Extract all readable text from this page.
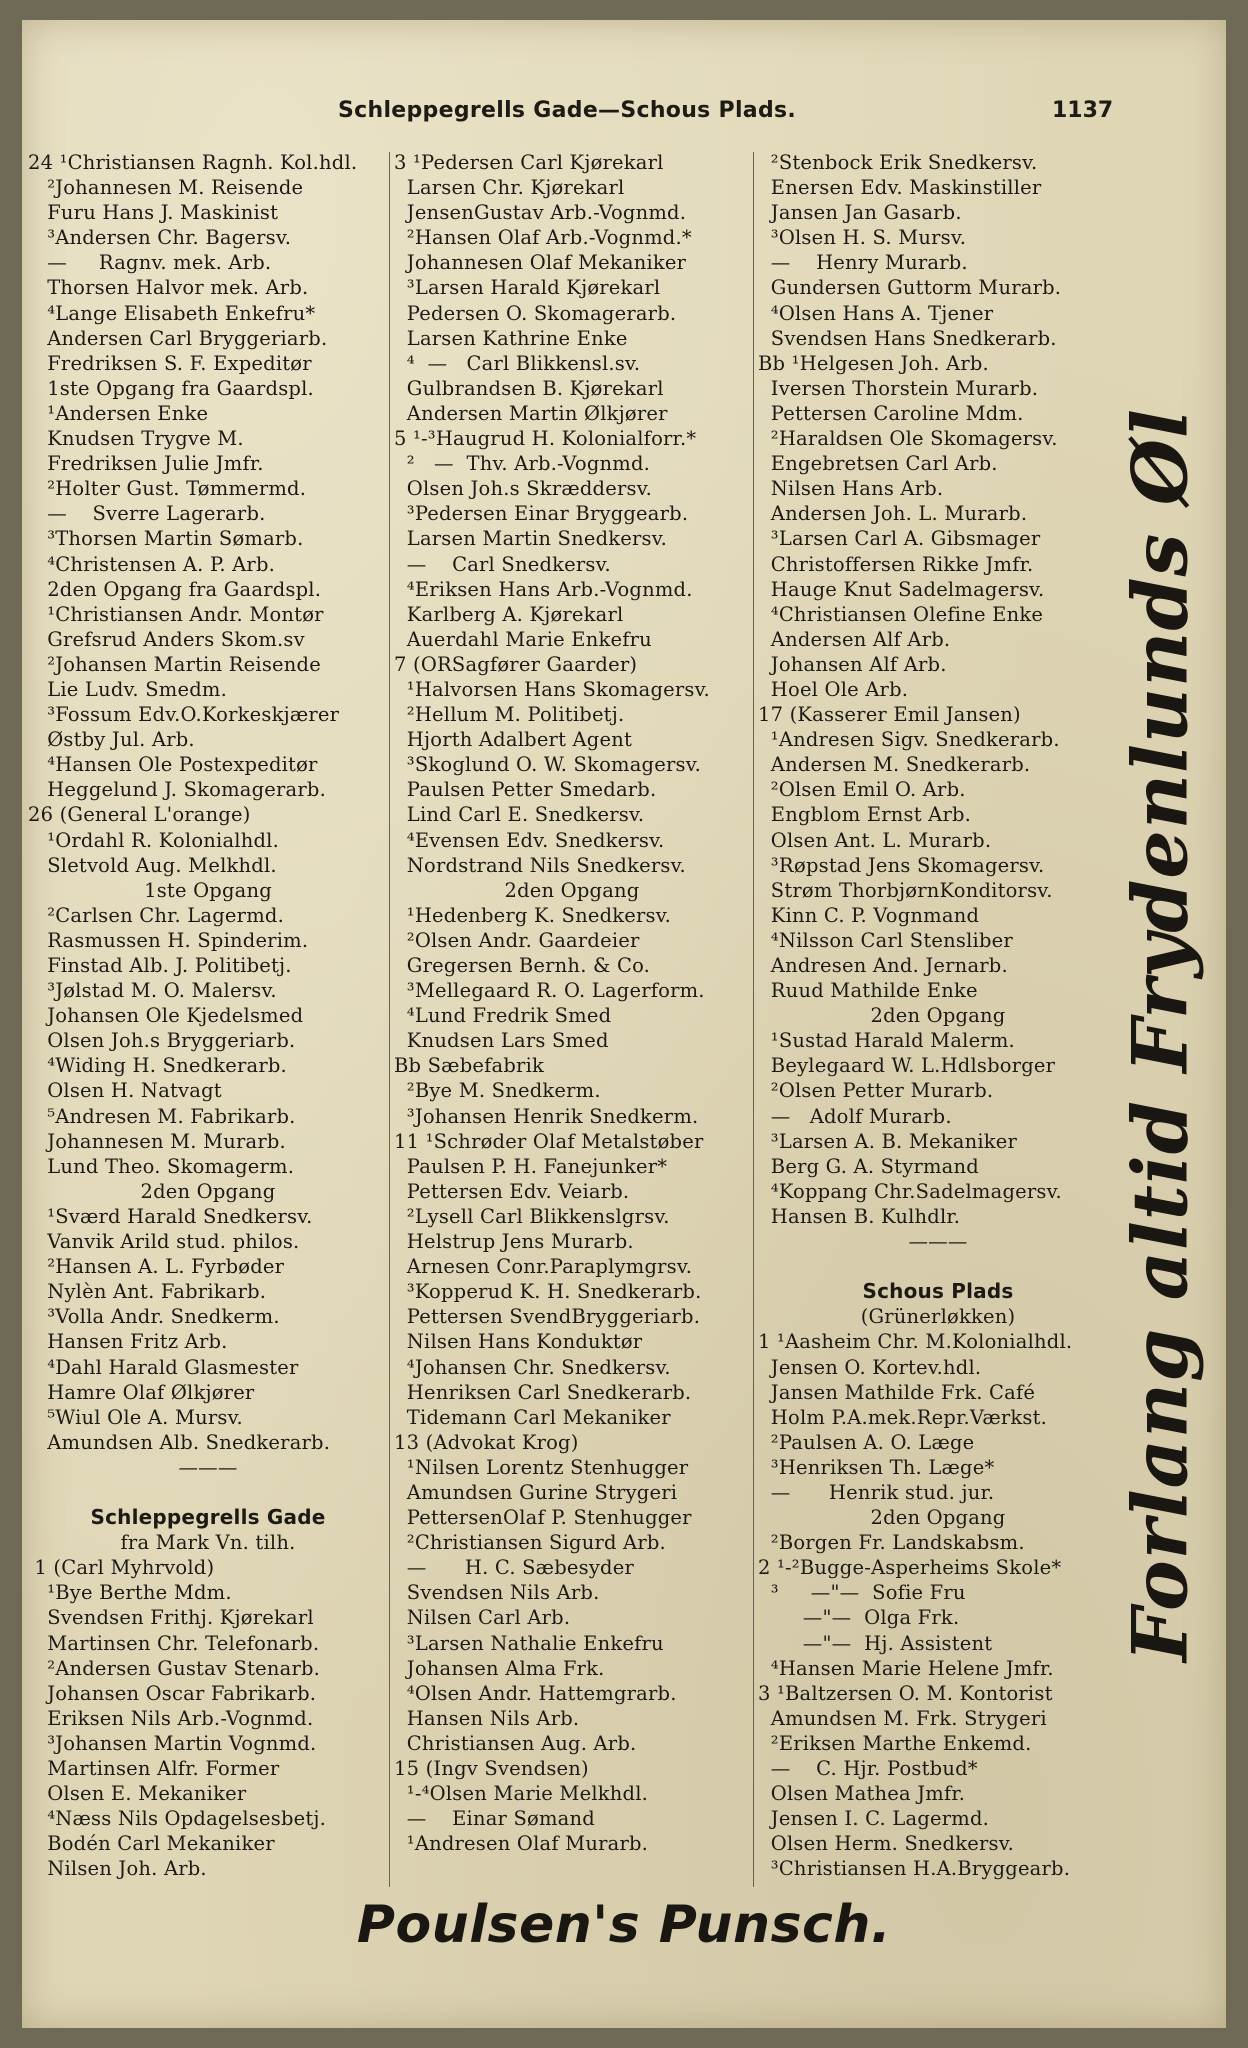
Schleppegrells Gade—Schous Plads.	1137
24 ¹Christiansen Ragnh. Kol.hdl.
²Johannesen M. Reisende
Furu Hans J. Maskinist
³Andersen Chr. Bagersv.
—     Ragnv. mek. Arb.
Thorsen Halvor mek. Arb.
⁴Lange Elisabeth Enkefru*
Andersen Carl Bryggeriarb.
Fredriksen S. F. Expeditør
1ste Opgang fra Gaardspl.
¹Andersen Enke
Knudsen Trygve M.
Fredriksen Julie Jmfr.
²Holter Gust. Tømmermd.
—    Sverre Lagerarb.
³Thorsen Martin Sømarb.
⁴Christensen A. P. Arb.
2den Opgang fra Gaardspl.
¹Christiansen Andr. Montør
Grefsrud Anders Skom.sv
²Johansen Martin Reisende
Lie Ludv. Smedm.
³Fossum Edv.O.Korkeskjærer
Østby Jul. Arb.
⁴Hansen Ole Postexpeditør
Heggelund J. Skomagerarb.
26 (General L'orange)
¹Ordahl R. Kolonialhdl.
Sletvold Aug. Melkhdl.
1ste Opgang
²Carlsen Chr. Lagermd.
Rasmussen H. Spinderim.
Finstad Alb. J. Politibetj.
³Jølstad M. O. Malersv.
Johansen Ole Kjedelsmed
Olsen Joh.s Bryggeriarb.
⁴Widing H. Snedkerarb.
Olsen H. Natvagt
⁵Andresen M. Fabrikarb.
Johannesen M. Murarb.
Lund Theo. Skomagerm.
2den Opgang
¹Sværd Harald Snedkersv.
Vanvik Arild stud. philos.
²Hansen A. L. Fyrbøder
Nylèn Ant. Fabrikarb.
³Volla Andr. Snedkerm.
Hansen Fritz Arb.
⁴Dahl Harald Glasmester
Hamre Olaf Ølkjører
⁵Wiul Ole A. Mursv.
Amundsen Alb. Snedkerarb.
———
Schleppegrells Gade
fra Mark Vn. tilh.
1 (Carl Myhrvold)
¹Bye Berthe Mdm.
Svendsen Frithj. Kjørekarl
Martinsen Chr. Telefonarb.
²Andersen Gustav Stenarb.
Johansen Oscar Fabrikarb.
Eriksen Nils Arb.-Vognmd.
³Johansen Martin Vognmd.
Martinsen Alfr. Former
Olsen E. Mekaniker
⁴Næss Nils Opdagelsesbetj.
Bodén Carl Mekaniker
Nilsen Joh. Arb.
3 ¹Pedersen Carl Kjørekarl
Larsen Chr. Kjørekarl
JensenGustav Arb.-Vognmd.
²Hansen Olaf Arb.-Vognmd.*
Johannesen Olaf Mekaniker
³Larsen Harald Kjørekarl
Pedersen O. Skomagerarb.
Larsen Kathrine Enke
⁴  —   Carl Blikkensl.sv.
Gulbrandsen B. Kjørekarl
Andersen Martin Ølkjører
5 ¹-³Haugrud H. Kolonialforr.*
²   —  Thv. Arb.-Vognmd.
Olsen Joh.s Skræddersv.
³Pedersen Einar Bryggearb.
Larsen Martin Snedkersv.
—    Carl Snedkersv.
⁴Eriksen Hans Arb.-Vognmd.
Karlberg A. Kjørekarl
Auerdahl Marie Enkefru
7 (ORSagfører Gaarder)
¹Halvorsen Hans Skomagersv.
²Hellum M. Politibetj.
Hjorth Adalbert Agent
³Skoglund O. W. Skomagersv.
Paulsen Petter Smedarb.
Lind Carl E. Snedkersv.
⁴Evensen Edv. Snedkersv.
Nordstrand Nils Snedkersv.
2den Opgang
¹Hedenberg K. Snedkersv.
²Olsen Andr. Gaardeier
Gregersen Bernh. & Co.
³Mellegaard R. O. Lagerform.
⁴Lund Fredrik Smed
Knudsen Lars Smed
Bb Sæbefabrik
²Bye M. Snedkerm.
³Johansen Henrik Snedkerm.
11 ¹Schrøder Olaf Metalstøber
Paulsen P. H. Fanejunker*
Pettersen Edv. Veiarb.
²Lysell Carl Blikkenslgrsv.
Helstrup Jens Murarb.
Arnesen Conr.Paraplymgrsv.
³Kopperud K. H. Snedkerarb.
Pettersen SvendBryggeriarb.
Nilsen Hans Konduktør
⁴Johansen Chr. Snedkersv.
Henriksen Carl Snedkerarb.
Tidemann Carl Mekaniker
13 (Advokat Krog)
¹Nilsen Lorentz Stenhugger
Amundsen Gurine Strygeri
PettersenOlaf P. Stenhugger
²Christiansen Sigurd Arb.
—      H. C. Sæbesyder
Svendsen Nils Arb.
Nilsen Carl Arb.
³Larsen Nathalie Enkefru
Johansen Alma Frk.
⁴Olsen Andr. Hattemgrarb.
Hansen Nils Arb.
Christiansen Aug. Arb.
15 (Ingv Svendsen)
¹-⁴Olsen Marie Melkhdl.
—    Einar Sømand
¹Andresen Olaf Murarb.
²Stenbock Erik Snedkersv.
Enersen Edv. Maskinstiller
Jansen Jan Gasarb.
³Olsen H. S. Mursv.
—    Henry Murarb.
Gundersen Guttorm Murarb.
⁴Olsen Hans A. Tjener
Svendsen Hans Snedkerarb.
Bb ¹Helgesen Joh. Arb.
Iversen Thorstein Murarb.
Pettersen Caroline Mdm.
²Haraldsen Ole Skomagersv.
Engebretsen Carl Arb.
Nilsen Hans Arb.
Andersen Joh. L. Murarb.
³Larsen Carl A. Gibsmager
Christoffersen Rikke Jmfr.
Hauge Knut Sadelmagersv.
⁴Christiansen Olefine Enke
Andersen Alf Arb.
Johansen Alf Arb.
Hoel Ole Arb.
17 (Kasserer Emil Jansen)
¹Andresen Sigv. Snedkerarb.
Andersen M. Snedkerarb.
²Olsen Emil O. Arb.
Engblom Ernst Arb.
Olsen Ant. L. Murarb.
³Røpstad Jens Skomagersv.
Strøm ThorbjørnKonditorsv.
Kinn C. P. Vognmand
⁴Nilsson Carl Stensliber
Andresen And. Jernarb.
Ruud Mathilde Enke
2den Opgang
¹Sustad Harald Malerm.
Beylegaard W. L.Hdlsborger
²Olsen Petter Murarb.
—   Adolf Murarb.
³Larsen A. B. Mekaniker
Berg G. A. Styrmand
⁴Koppang Chr.Sadelmagersv.
Hansen B. Kulhdlr.
———
Schous Plads
(Grünerløkken)
1 ¹Aasheim Chr. M.Kolonialhdl.
Jensen O. Kortev.hdl.
Jansen Mathilde Frk. Café
Holm P.A.mek.Repr.Værkst.
²Paulsen A. O. Læge
³Henriksen Th. Læge*
—      Henrik stud. jur.
2den Opgang
²Borgen Fr. Landskabsm.
2 ¹-²Bugge-Asperheims Skole*
³     —"—  Sofie Fru
—"—  Olga Frk.
—"—  Hj. Assistent
⁴Hansen Marie Helene Jmfr.
3 ¹Baltzersen O. M. Kontorist
Amundsen M. Frk. Strygeri
²Eriksen Marthe Enkemd.
—    C. Hjr. Postbud*
Olsen Mathea Jmfr.
Jensen I. C. Lagermd.
Olsen Herm. Snedkersv.
³Christiansen H.A.Bryggearb.
Forlang altid Frydenlunds Øl
Poulsen's Punsch.
